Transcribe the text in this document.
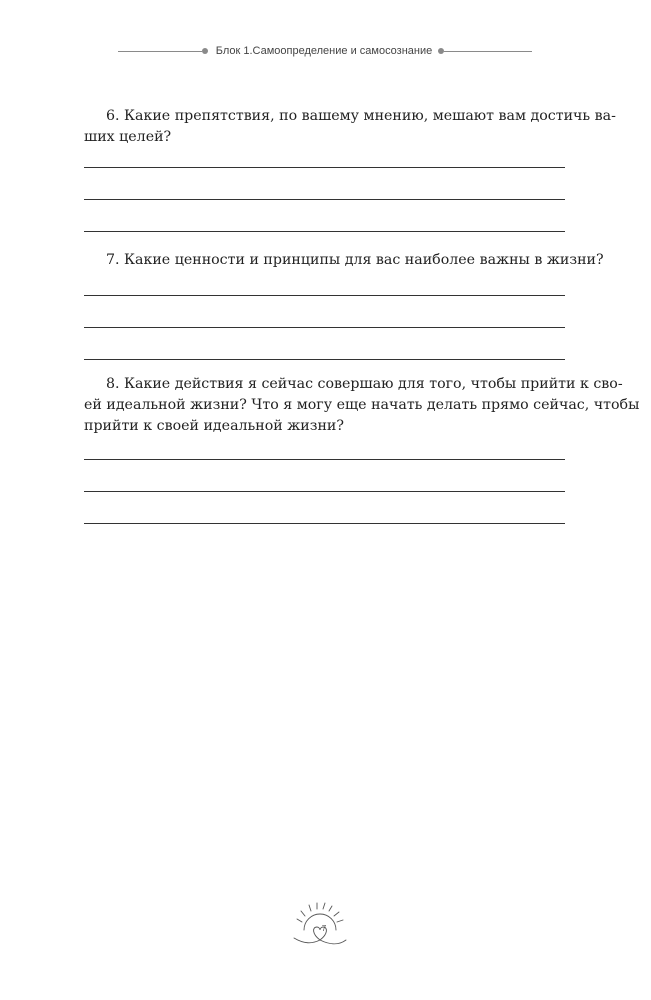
Блок 1.Самоопределение и самосознание
6. Какие препятствия, по вашему мнению, мешают вам достичь ва-
ших целей?
7. Какие ценности и принципы для вас наиболее важны в жизни?
8. Какие действия я сейчас совершаю для того, чтобы прийти к сво-
ей идеальной жизни? Что я могу еще начать делать прямо сейчас, чтобы
прийти к своей идеальной жизни?
7
